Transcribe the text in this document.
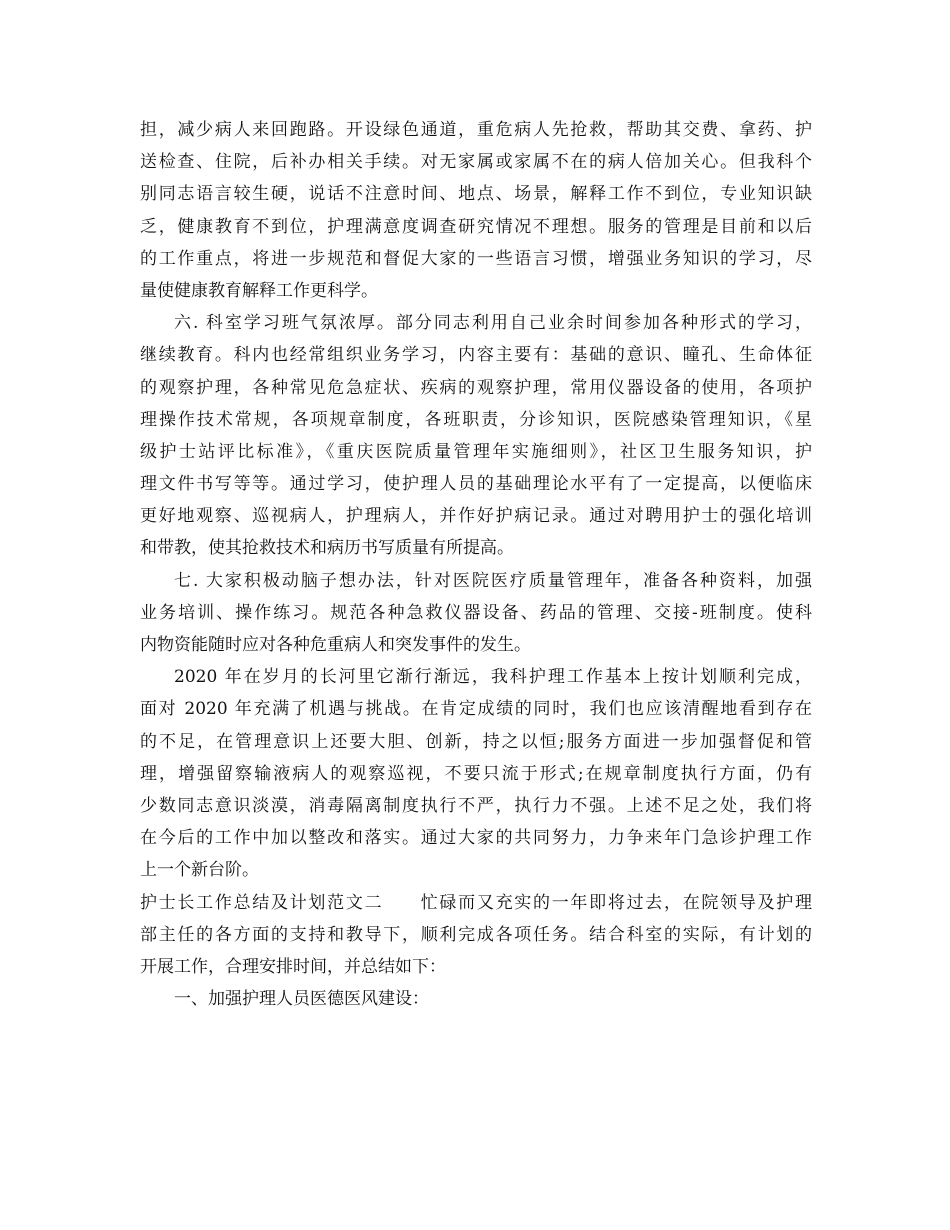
担，减少病人来回跑路。开设绿色通道，重危病人先抢救，帮助其交费、拿药、护
送检查、住院，后补办相关手续。对无家属或家属不在的病人倍加关心。但我科个
别同志语言较生硬，说话不注意时间、地点、场景，解释工作不到位，专业知识缺
乏，健康教育不到位，护理满意度调查研究情况不理想。服务的管理是目前和以后
的工作重点，将进一步规范和督促大家的一些语言习惯，增强业务知识的学习，尽
量使健康教育解释工作更科学。
六. 科室学习班气氛浓厚。部分同志利用自己业余时间参加各种形式的学习，
继续教育。科内也经常组织业务学习，内容主要有：基础的意识、瞳孔、生命体征
的观察护理，各种常见危急症状、疾病的观察护理，常用仪器设备的使用，各项护
理操作技术常规，各项规章制度，各班职责，分诊知识，医院感染管理知识，《星
级护士站评比标准》，《重庆医院质量管理年实施细则》，社区卫生服务知识，护
理文件书写等等。通过学习，使护理人员的基础理论水平有了一定提高，以便临床
更好地观察、巡视病人，护理病人，并作好护病记录。通过对聘用护士的强化培训
和带教，使其抢救技术和病历书写质量有所提高。
七. 大家积极动脑子想办法，针对医院医疗质量管理年，准备各种资料，加强
业务培训、操作练习。规范各种急救仪器设备、药品的管理、交接-班制度。使科
内物资能随时应对各种危重病人和突发事件的发生。
2020 年在岁月的长河里它渐行渐远，我科护理工作基本上按计划顺利完成，
面对 2020 年充满了机遇与挑战。在肯定成绩的同时，我们也应该清醒地看到存在
的不足，在管理意识上还要大胆、创新，持之以恒;服务方面进一步加强督促和管
理，增强留察输液病人的观察巡视，不要只流于形式;在规章制度执行方面，仍有
少数同志意识淡漠，消毒隔离制度执行不严，执行力不强。上述不足之处，我们将
在今后的工作中加以整改和落实。通过大家的共同努力，力争来年门急诊护理工作
上一个新台阶。
护士长工作总结及计划范文二　　忙碌而又充实的一年即将过去，在院领导及护理
部主任的各方面的支持和教导下，顺利完成各项任务。结合科室的实际，有计划的
开展工作，合理安排时间，并总结如下：
一、加强护理人员医德医风建设：
